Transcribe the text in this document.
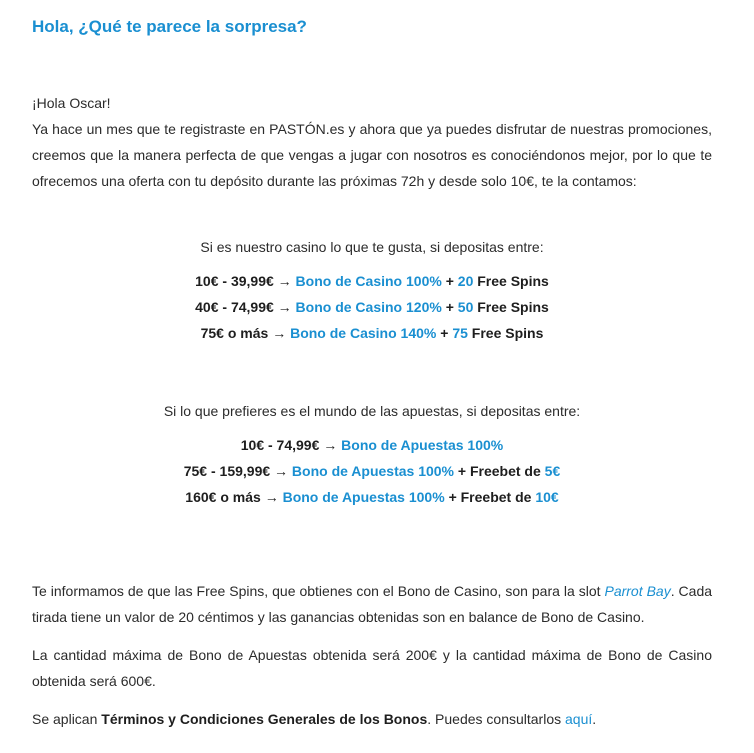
Hola, ¿Qué te parece la sorpresa?

¡Hola Oscar!

Ya hace un mes que te registraste en PASTÓN.es y ahora que ya puedes disfrutar de nuestras promociones, creemos que la manera perfecta de que vengas a jugar con nosotros es conociéndonos mejor, por lo que te ofrecemos una oferta con tu depósito durante las próximas 72h y desde solo 10€, te la contamos:

Si es nuestro casino lo que te gusta, si depositas entre:

10€ - 39,99€ → Bono de Casino 100% + 20 Free Spins

40€ - 74,99€ → Bono de Casino 120% + 50 Free Spins

75€ o más → Bono de Casino 140% + 75 Free Spins

Si lo que prefieres es el mundo de las apuestas, si depositas entre:

10€ - 74,99€ → Bono de Apuestas 100%

75€ - 159,99€ → Bono de Apuestas 100% + Freebet de 5€

160€ o más → Bono de Apuestas 100% + Freebet de 10€

Te informamos de que las Free Spins, que obtienes con el Bono de Casino, son para la slot Parrot Bay. Cada tirada tiene un valor de 20 céntimos y las ganancias obtenidas son en balance de Bono de Casino.

La cantidad máxima de Bono de Apuestas obtenida será 200€ y la cantidad máxima de Bono de Casino obtenida será 600€.

Se aplican Términos y Condiciones Generales de los Bonos. Puedes consultarlos aquí.
